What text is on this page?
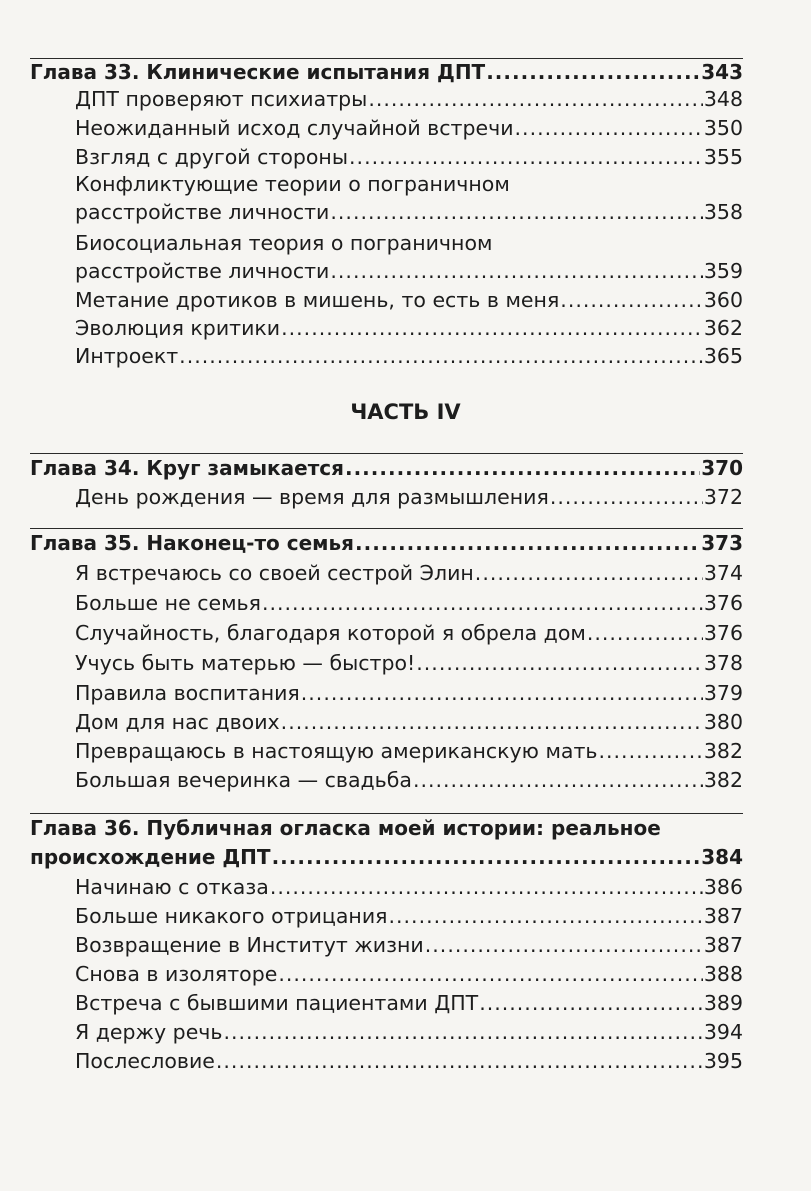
Глава 33. Клинические испытания ДПТ .....	343
ДПТ проверяют психиатры .....	348
Неожиданный исход случайной встречи .....	350
Взгляд с другой стороны .....	355
Конфликтующие теории о пограничном
расстройстве личности .....	358
Биосоциальная теория о пограничном
расстройстве личности .....	359
Метание дротиков в мишень, то есть в меня .....	360
Эволюция критики .....	362
Интроект .....	365
ЧАСТЬ IV
Глава 34. Круг замыкается .....	370
День рождения — время для размышления .....	372
Глава 35. Наконец-то семья .....	373
Я встречаюсь со своей сестрой Элин .....	374
Больше не семья .....	376
Случайность, благодаря которой я обрела дом .....	376
Учусь быть матерью — быстро! .....	378
Правила воспитания .....	379
Дом для нас двоих .....	380
Превращаюсь в настоящую американскую мать .....	382
Большая вечеринка — свадьба .....	382
Глава 36. Публичная огласка моей истории: реальное
происхождение ДПТ .....	384
Начинаю с отказа .....	386
Больше никакого отрицания .....	387
Возвращение в Институт жизни .....	387
Снова в изоляторе .....	388
Встреча с бывшими пациентами ДПТ .....	389
Я держу речь .....	394
Послесловие .....	395
